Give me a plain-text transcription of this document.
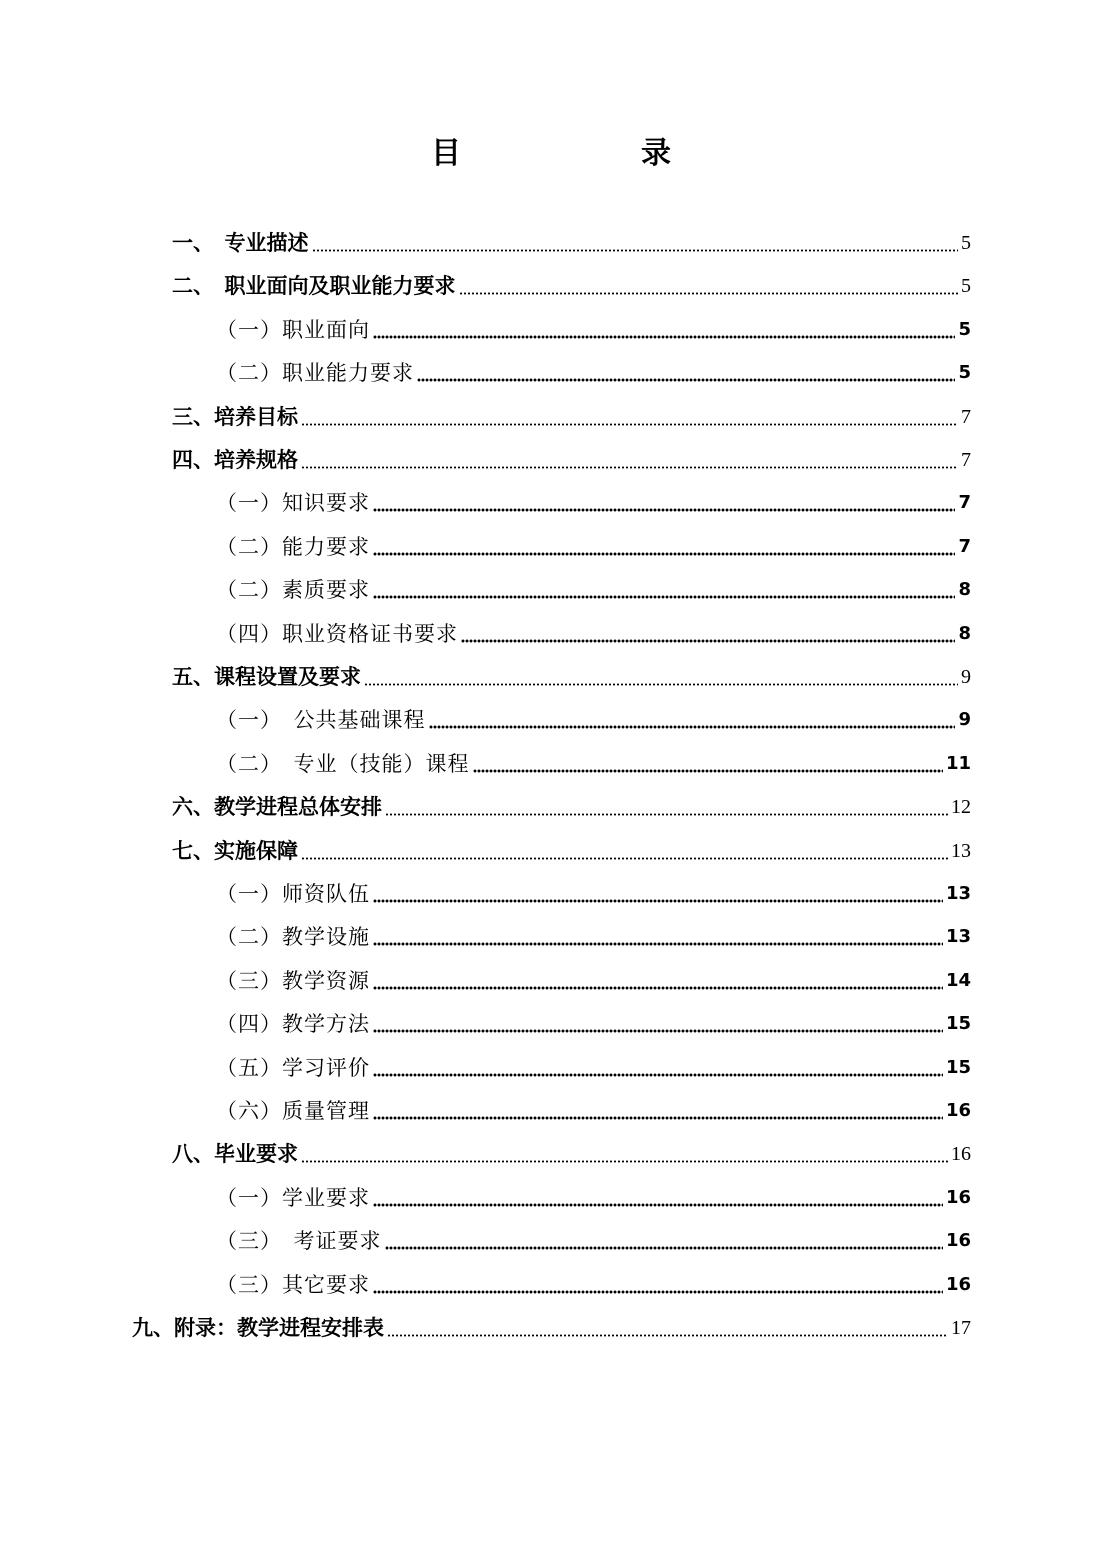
目　　录
一、　专业描述	5
二、　职业面向及职业能力要求	5
（一）职业面向	5
（二）职业能力要求	5
三、培养目标	7
四、培养规格	7
（一）知识要求	7
（二）能力要求	7
（二）素质要求	8
（四）职业资格证书要求	8
五、课程设置及要求	9
（一）　公共基础课程	9
（二）　专业（技能）课程	11
六、教学进程总体安排	12
七、实施保障	13
（一）师资队伍	13
（二）教学设施	13
（三）教学资源	14
（四）教学方法	15
（五）学习评价	15
（六）质量管理	16
八、毕业要求	16
（一）学业要求	16
（三）　考证要求	16
（三）其它要求	16
九、附录：教学进程安排表	17
